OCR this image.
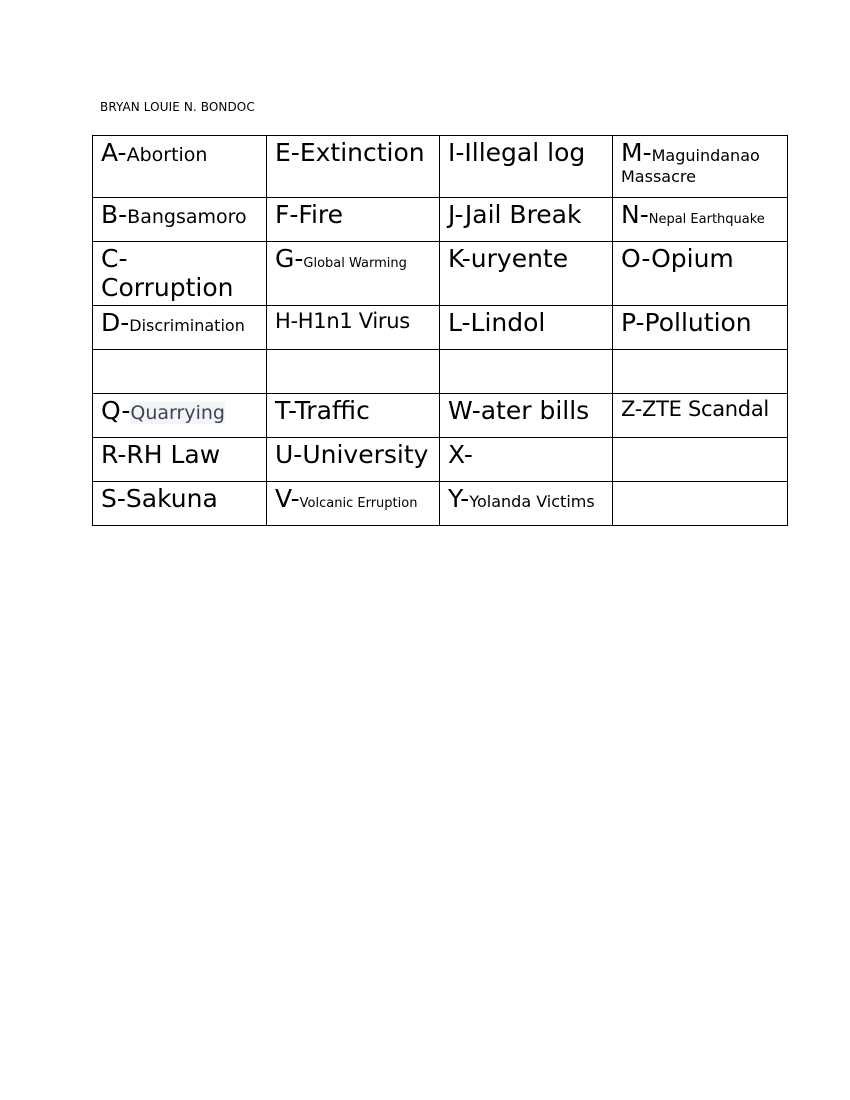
BRYAN LOUIE N. BONDOC
A-Abortion	E-Extinction	I-Illegal log	M-Maguindanao Massacre
B-Bangsamoro	F-Fire	J-Jail Break	N-Nepal Earthquake
C-Corruption	G-Global Warming	K-uryente	O-Opium
D-Discrimination	H-H1n1 Virus	L-Lindol	P-Pollution

Q-Quarrying	T-Traffic	W-ater bills	Z-ZTE Scandal
R-RH Law	U-University	X-	
S-Sakuna	V-Volcanic Erruption	Y-Yolanda Victims	
